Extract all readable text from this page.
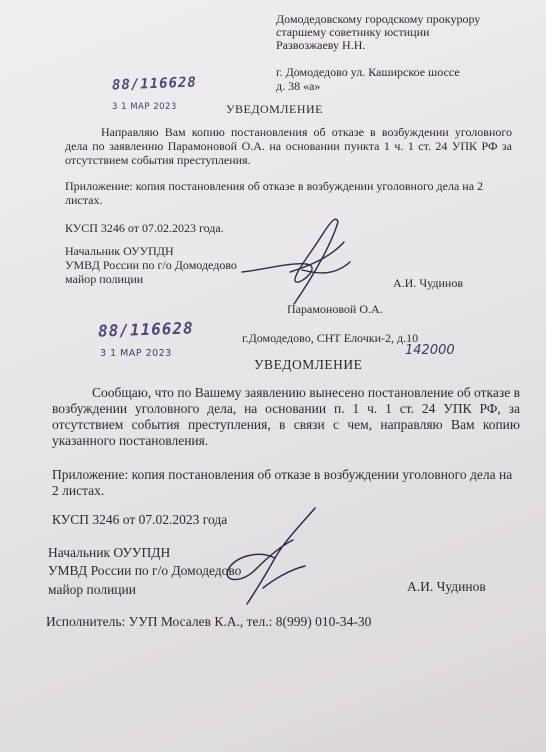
Домодедовскому городскому прокурору
старшему советнику юстиции
Развозжаеву Н.Н.
г. Домодедово ул. Каширское шоссе
д. 38 «а»
88/116628
3 1 МАР 2023	УВЕДОМЛЕНИЕ
Направляю Вам копию постановления об отказе в возбуждении уголовного дела по заявлению Парамоновой О.А. на основании пункта 1 ч. 1 ст. 24 УПК РФ за отсутствием события преступления.
Приложение: копия постановления об отказе в возбуждении уголовного дела на 2 листах.
КУСП 3246 от 07.02.2023 года.
Начальник ОУУПДН
УМВД России по г/о Домодедово
майор полиции	А.И. Чудинов
Парамоновой О.А.
88/116628
3 1 МАР 2023
г.Домодедово, СНТ Елочки-2, д.10
142000
УВЕДОМЛЕНИЕ
Сообщаю, что по Вашему заявлению вынесено постановление об отказе в возбуждении уголовного дела, на основании п. 1 ч. 1 ст. 24 УПК РФ, за отсутствием события преступления, в связи с чем, направляю Вам копию указанного постановления.
Приложение: копия постановления об отказе в возбуждении уголовного дела на 2 листах.
КУСП 3246 от 07.02.2023 года
Начальник ОУУПДН
УМВД России по г/о Домодедово
майор полиции	А.И. Чудинов
Исполнитель: УУП Мосалев К.А., тел.: 8(999) 010-34-30
